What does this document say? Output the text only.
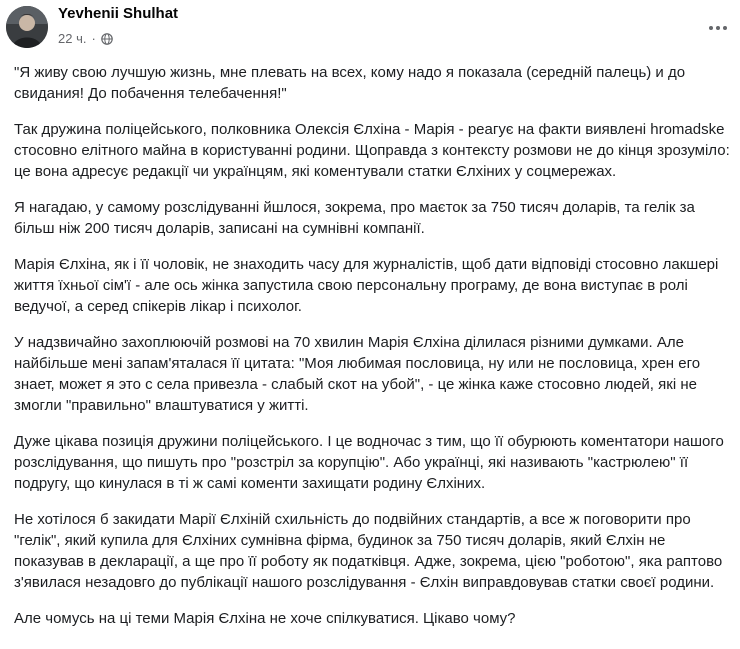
Yevhenii Shulhat
22 ч. ·

"Я живу свою лучшую жизнь, мне плевать на всех, кому надо я показала (середній палець) и до свидания! До побачення телебачення!"

Так дружина поліцейського, полковника Олексія Єлхіна - Марія - реагує на факти виявлені hromadske стосовно елітного майна в користуванні родини. Щоправда з контексту розмови не до кінця зрозуміло: це вона адресує редакції чи українцям, які коментували статки Єлхіних у соцмережах.

Я нагадаю, у самому розслідуванні йшлося, зокрема, про маєток за 750 тисяч доларів, та гелік за більш ніж 200 тисяч доларів, записані на сумнівні компанії.

Марія Єлхіна, як і її чоловік, не знаходить часу для журналістів, щоб дати відповіді стосовно лакшері життя їхньої сім'ї - але ось жінка запустила свою персональну програму, де вона виступає в ролі ведучої, а серед спікерів лікар і психолог.

У надзвичайно захоплюючій розмові на 70 хвилин Марія Єлхіна ділилася різними думками. Але найбільше мені запам'яталася її цитата: "Моя любимая пословица, ну или не пословица, хрен его знает, может я это с села привезла - слабый скот на убой", - це жінка каже стосовно людей, які не змогли "правильно" влаштуватися у житті.

Дуже цікава позиція дружини поліцейського. І це водночас з тим, що її обурюють коментатори нашого розслідування, що пишуть про "розстріл за корупцію". Або українці, які називають "кастрюлею" її подругу, що кинулася в ті ж самі коменти захищати родину Єлхіних.

Не хотілося б закидати Марії Єлхіній схильність до подвійних стандартів, а все ж поговорити про "гелік", який купила для Єлхіних сумнівна фірма, будинок за 750 тисяч доларів, який Єлхін не показував в декларації, а ще про її роботу як податківця. Адже, зокрема, цією "роботою", яка раптово з'явилася незадовго до публікації нашого розслідування - Єлхін виправдовував статки своєї родини.

Але чомусь на ці теми Марія Єлхіна не хоче спілкуватися. Цікаво чому?
